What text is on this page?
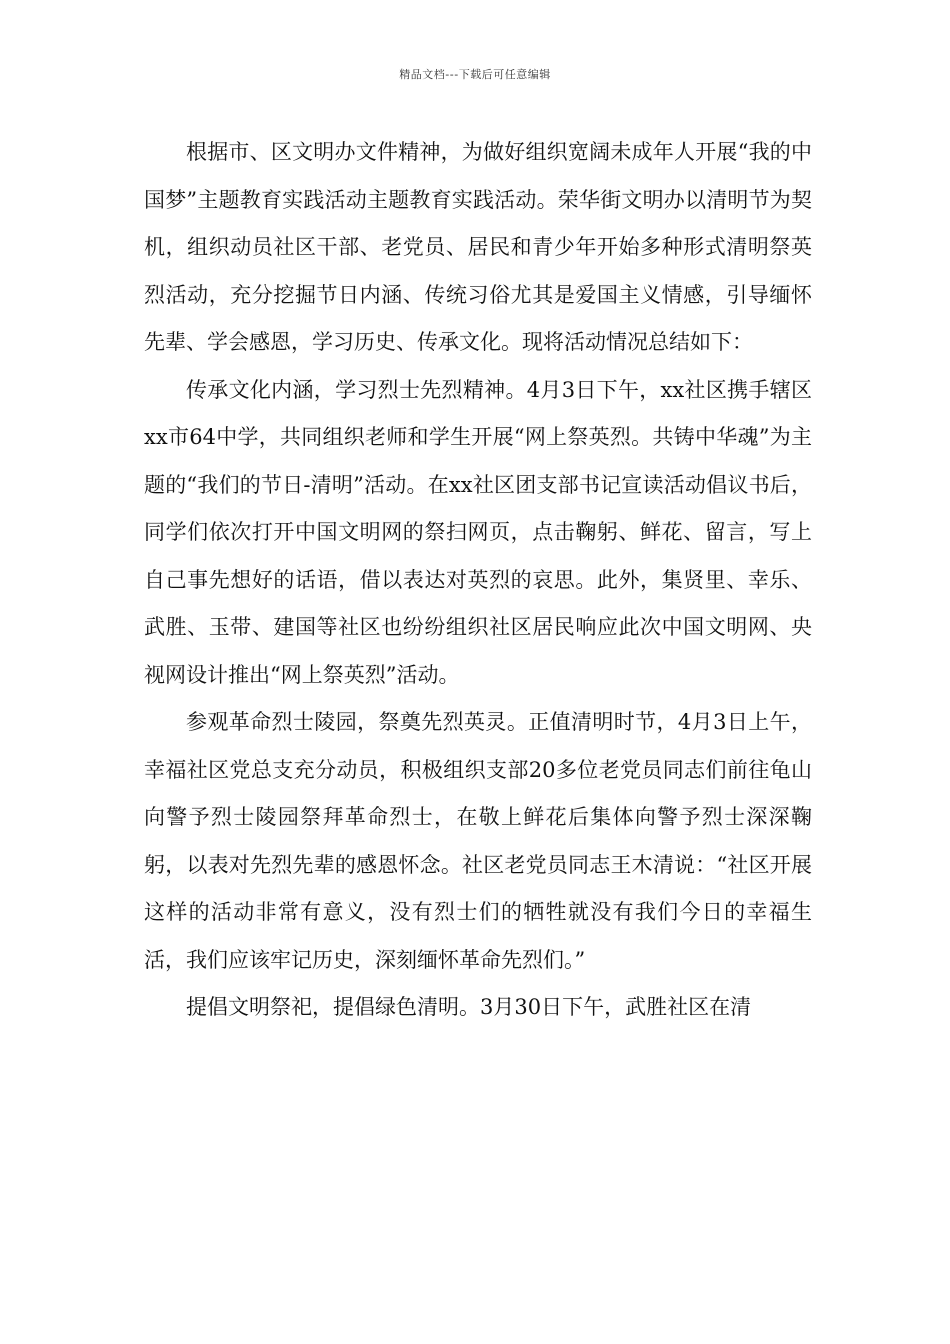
精品文档---下载后可任意编辑

根据市、区文明办文件精神，为做好组织宽阔未成年人开展“我的中国梦”主题教育实践活动主题教育实践活动。荣华街文明办以清明节为契机，组织动员社区干部、老党员、居民和青少年开始多种形式清明祭英烈活动，充分挖掘节日内涵、传统习俗尤其是爱国主义情感，引导缅怀先辈、学会感恩，学习历史、传承文化。现将活动情况总结如下：

传承文化内涵，学习烈士先烈精神。4月3日下午，xx社区携手辖区xx市64中学，共同组织老师和学生开展“网上祭英烈。共铸中华魂”为主题的“我们的节日-清明”活动。在xx社区团支部书记宣读活动倡议书后，同学们依次打开中国文明网的祭扫网页，点击鞠躬、鲜花、留言，写上自己事先想好的话语，借以表达对英烈的哀思。此外，集贤里、幸乐、武胜、玉带、建国等社区也纷纷组织社区居民响应此次中国文明网、央视网设计推出“网上祭英烈”活动。

参观革命烈士陵园，祭奠先烈英灵。正值清明时节，4月3日上午，幸福社区党总支充分动员，积极组织支部20多位老党员同志们前往龟山向警予烈士陵园祭拜革命烈士，在敬上鲜花后集体向警予烈士深深鞠躬，以表对先烈先辈的感恩怀念。社区老党员同志王木清说：“社区开展这样的活动非常有意义，没有烈士们的牺牲就没有我们今日的幸福生活，我们应该牢记历史，深刻缅怀革命先烈们。”

提倡文明祭祀，提倡绿色清明。3月30日下午，武胜社区在清
